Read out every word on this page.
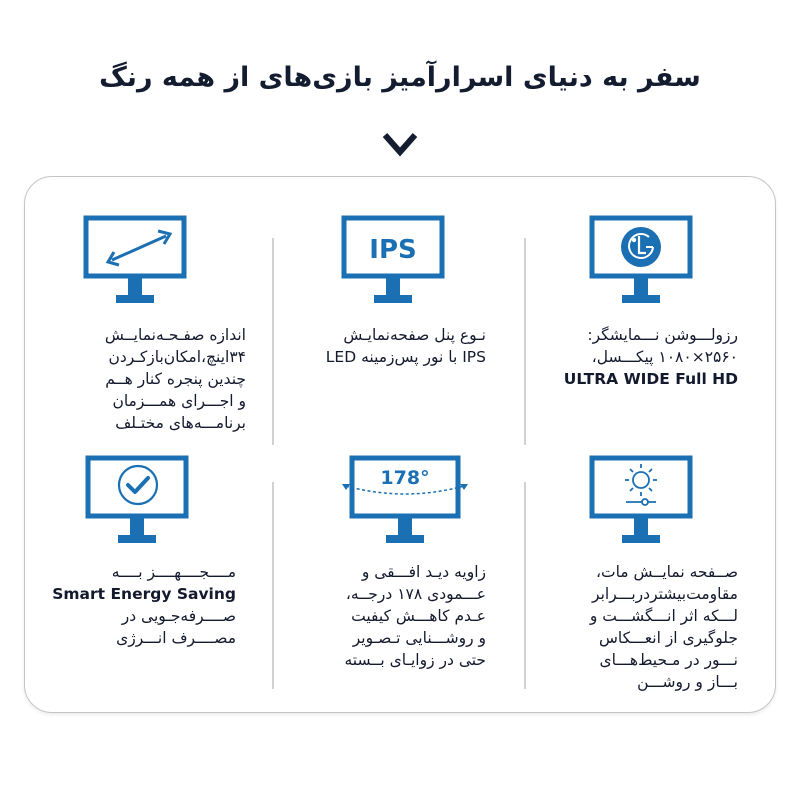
سفر به دنیای اسرارآمیز بازی‌های از همه رنگ
رزولـــوشن نـــمایشگر:
۲۵۶۰×۱۰۸۰ پیکـــسل،
ULTRA WIDE Full HD
IPS
نـوع پنل صفحه‌نمایـش
IPS با نور پس‌زمینه LED
اندازه صفـحـه‌نمایــش
۳۴اینچ،امکان‌بازکـردن
چندین پنجره کنار هــم
و اجـــرای همـــزمان
برنامـــه‌های مختـلف
صــفحه نمایــش مات،
مقاومت‌بیشتردربـــرابر
لـــکه اثر انـــگشـــت و
جلوگیری از انعـــکاس
نـــور در مـحیط‌هـــای
بـــاز و روشـــن
178°
زاویه دیـد افـــقی و
عـــمودی ۱۷۸ درجــه،
عـدم کاهـــش کیفیت
و روشـــنایی تـصـویر
حتی در زوایـای بــسته
مــــجــــهــــز بــــه
Smart Energy Saving
صــــرفه‌جـویی در
مصــــرف انـــرژی
